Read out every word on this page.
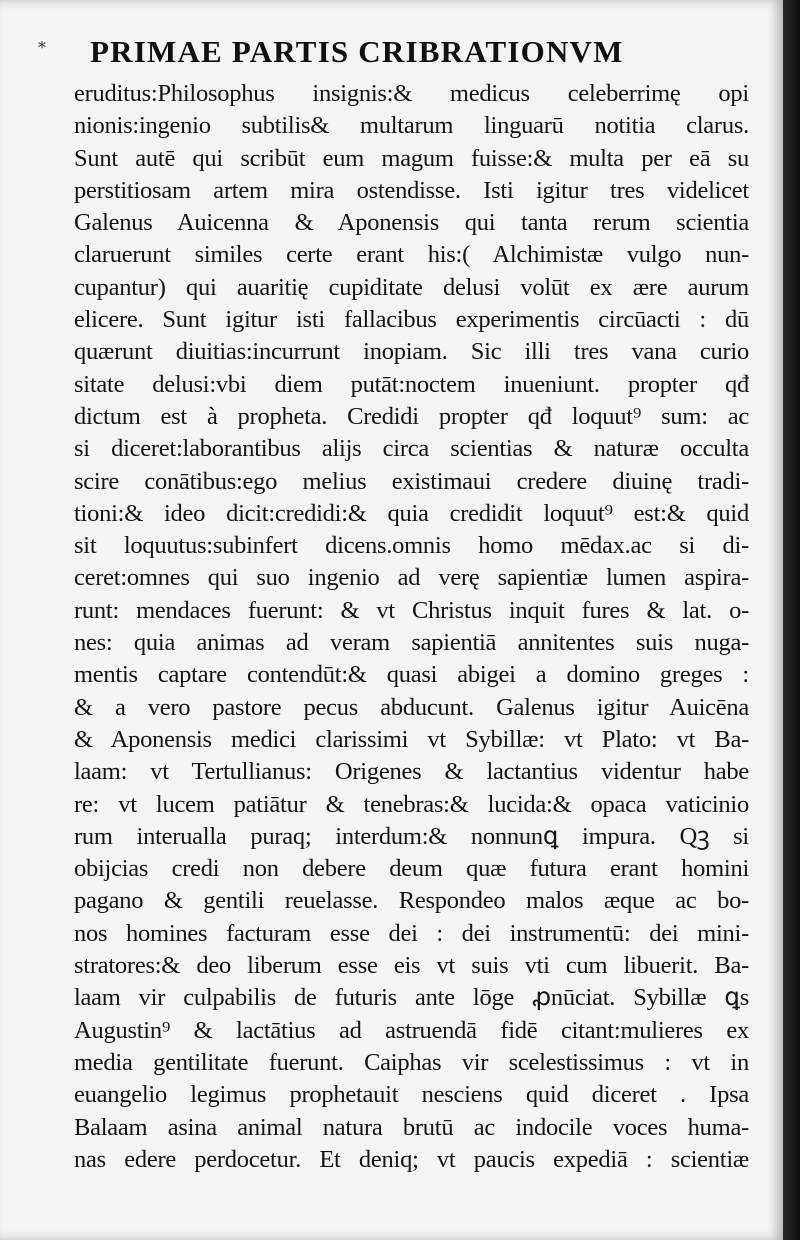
* PRIMAE PARTIS CRIBRATIONVM
eruditus:Philosophus insignis:& medicus celeberrimę opi
nionis:ingenio subtilis& multarum linguarū notitia clarus.
Sunt autē qui scribūt eum magum fuisse:& multa per eā su
perstitiosam artem mira ostendisse. Isti igitur tres videlicet
Galenus Auicenna & Aponensis qui tanta rerum scientia
claruerunt similes certe erant his:( Alchimistæ vulgo nun-
cupantur) qui auaritię cupiditate delusi volūt ex ære aurum
elicere. Sunt igitur isti fallacibus experimentis circūacti : dū
quærunt diuitias:incurrunt inopiam. Sic illi tres vana curio
sitate delusi:vbi diem putāt:noctem inueniunt. propter qđ
dictum est à propheta. Credidi propter qđ loquut⁹ sum: ac
si diceret:laborantibus alijs circa scientias & naturæ occulta
scire conātibus:ego melius existimaui credere diuinę tradi-
tioni:& ideo dicit:credidi:& quia credidit loquut⁹ est:& quid
sit loquutus:subinfert dicens.omnis homo mēdax.ac si di-
ceret:omnes qui suo ingenio ad verę sapientiæ lumen aspira-
runt: mendaces fuerunt: & vt Christus inquit fures & lat. o-
nes: quia animas ad veram sapientiā annitentes suis nuga-
mentis captare contendūt:& quasi abigei a domino greges :
& a vero pastore pecus abducunt. Galenus igitur Auicēna
& Aponensis medici clarissimi vt Sybillæ: vt Plato: vt Ba-
laam: vt Tertullianus: Origenes & lactantius videntur habe
re: vt lucem patiātur & tenebras:& lucida:& opaca vaticinio
rum interualla puraq; interdum:& nonnunꝗ impura. Qꝫ si
obijcias credi non debere deum quæ futura erant homini
pagano & gentili reuelasse. Respondeo malos æque ac bo-
nos homines facturam esse dei : dei instrumentū: dei mini-
stratores:& deo liberum esse eis vt suis vti cum libuerit. Ba-
laam vir culpabilis de futuris ante lōge ꝓnūciat. Sybillæ ꝗs
Augustin⁹ & lactātius ad astruendā fidē citant:mulieres ex
media gentilitate fuerunt. Caiphas vir scelestissimus : vt in
euangelio legimus prophetauit nesciens quid diceret . Ipsa
Balaam asina animal natura brutū ac indocile voces huma-
nas edere perdocetur. Et deniq; vt paucis expediā : scientiæ
